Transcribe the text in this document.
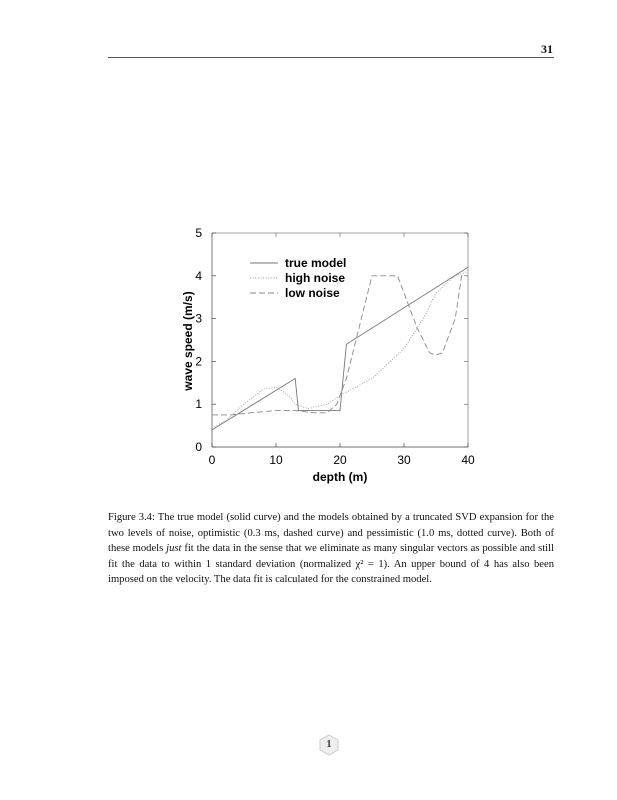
31
0	10	20	30	40
0
1
2
3
4
5
true model
high noise
low noise
depth (m)
wave speed (m/s)
Figure 3.4: The true model (solid curve) and the models obtained by a truncated SVD expansion for the two levels of noise, optimistic (0.3 ms, dashed curve) and pessimistic (1.0 ms, dotted curve). Both of these models just fit the data in the sense that we eliminate as many singular vectors as possible and still fit the data to within 1 standard deviation (normalized χ² = 1). An upper bound of 4 has also been imposed on the velocity. The data fit is calculated for the constrained model.
1
